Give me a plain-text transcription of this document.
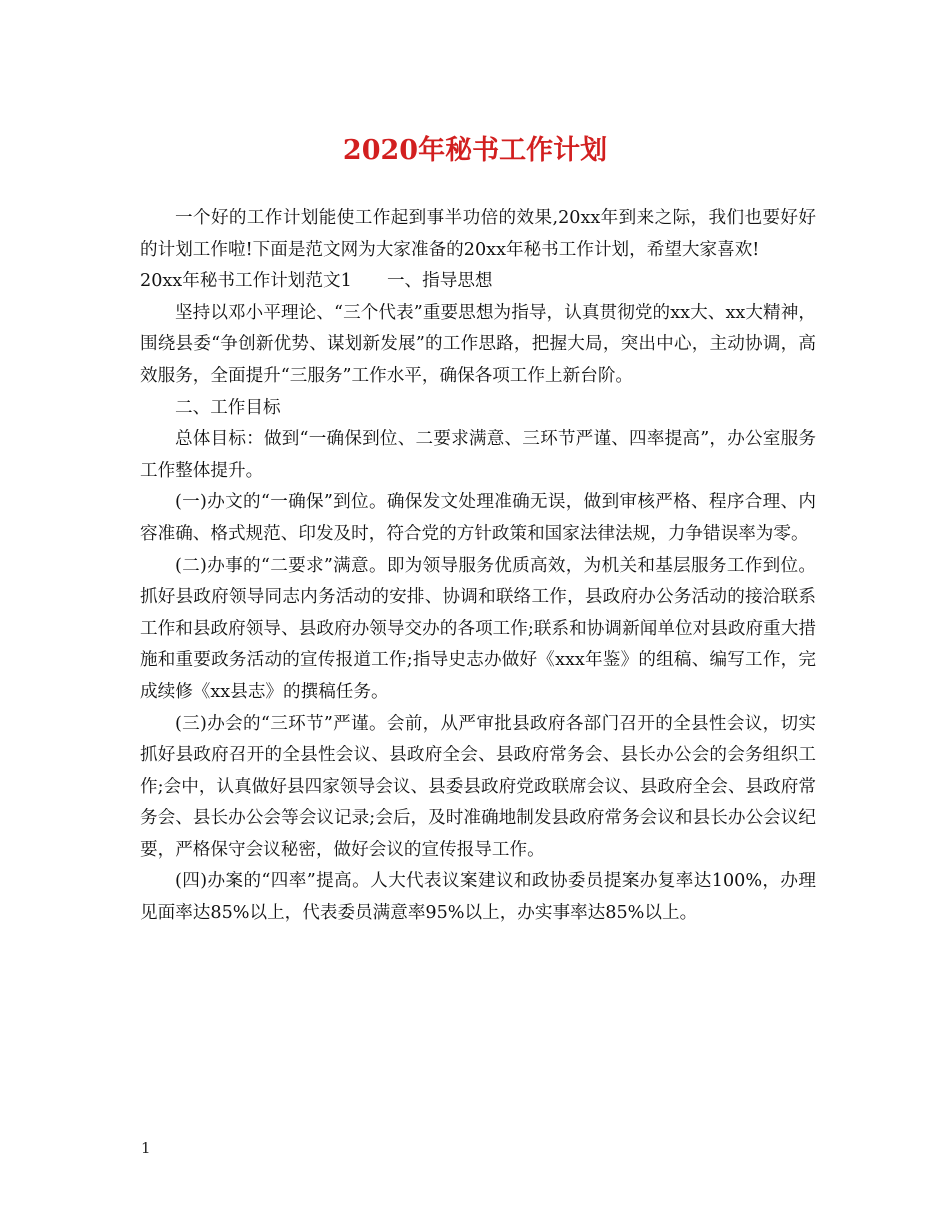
2020年秘书工作计划

一个好的工作计划能使工作起到事半功倍的效果,20xx年到来之际，我们也要好好的计划工作啦!下面是范文网为大家准备的20xx年秘书工作计划，希望大家喜欢!

20xx年秘书工作计划范文1　　一、指导思想

坚持以邓小平理论、“三个代表”重要思想为指导，认真贯彻党的xx大、xx大精神，围绕县委“争创新优势、谋划新发展”的工作思路，把握大局，突出中心，主动协调，高效服务，全面提升“三服务”工作水平，确保各项工作上新台阶。

二、工作目标

总体目标：做到“一确保到位、二要求满意、三环节严谨、四率提高”，办公室服务工作整体提升。

(一)办文的“一确保”到位。确保发文处理准确无误，做到审核严格、程序合理、内容准确、格式规范、印发及时，符合党的方针政策和国家法律法规，力争错误率为零。

(二)办事的“二要求”满意。即为领导服务优质高效，为机关和基层服务工作到位。抓好县政府领导同志内务活动的安排、协调和联络工作，县政府办公务活动的接洽联系工作和县政府领导、县政府办领导交办的各项工作;联系和协调新闻单位对县政府重大措施和重要政务活动的宣传报道工作;指导史志办做好《xxx年鉴》的组稿、编写工作，完成续修《xx县志》的撰稿任务。

(三)办会的“三环节”严谨。会前，从严审批县政府各部门召开的全县性会议，切实抓好县政府召开的全县性会议、县政府全会、县政府常务会、县长办公会的会务组织工作;会中，认真做好县四家领导会议、县委县政府党政联席会议、县政府全会、县政府常务会、县长办公会等会议记录;会后，及时准确地制发县政府常务会议和县长办公会议纪要，严格保守会议秘密，做好会议的宣传报导工作。

(四)办案的“四率”提高。人大代表议案建议和政协委员提案办复率达100%，办理见面率达85%以上，代表委员满意率95%以上，办实事率达85%以上。

1
